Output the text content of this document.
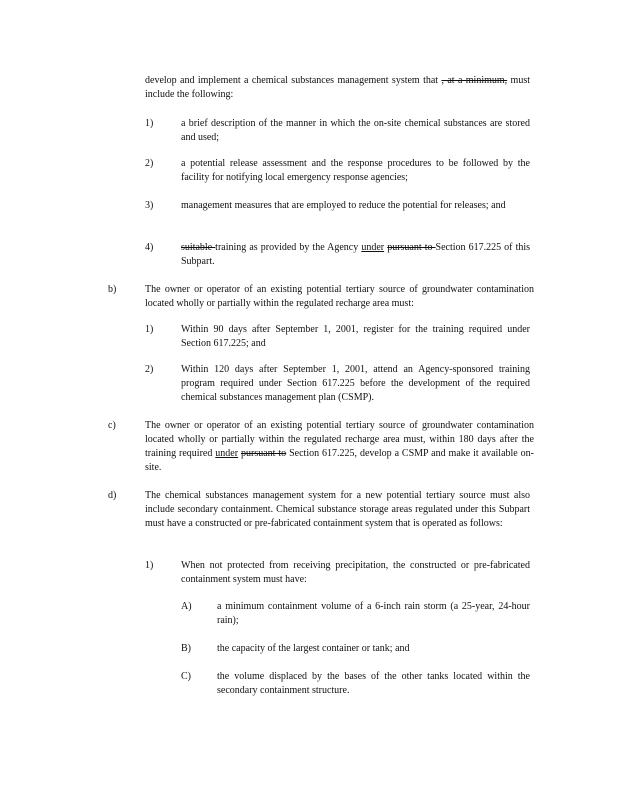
develop and implement a chemical substances management system that , at a minimum, must include the following:
1)	a brief description of the manner in which the on-site chemical substances are stored and used;
2)	a potential release assessment and the response procedures to be followed by the facility for notifying local emergency response agencies;
3)	management measures that are employed to reduce the potential for releases; and
4)	suitable training as provided by the Agency under pursuant to Section 617.225 of this Subpart.
b)	The owner or operator of an existing potential tertiary source of groundwater contamination located wholly or partially within the regulated recharge area must:
1)	Within 90 days after September 1, 2001, register for the training required under Section 617.225; and
2)	Within 120 days after September 1, 2001, attend an Agency-sponsored training program required under Section 617.225 before the development of the required chemical substances management plan (CSMP).
c)	The owner or operator of an existing potential tertiary source of groundwater contamination located wholly or partially within the regulated recharge area must, within 180 days after the training required under pursuant to Section 617.225, develop a CSMP and make it available on-site.
d)	The chemical substances management system for a new potential tertiary source must also include secondary containment. Chemical substance storage areas regulated under this Subpart must have a constructed or pre-fabricated containment system that is operated as follows:
1)	When not protected from receiving precipitation, the constructed or pre-fabricated containment system must have:
A)	a minimum containment volume of a 6-inch rain storm (a 25-year, 24-hour rain);
B)	the capacity of the largest container or tank; and
C)	the volume displaced by the bases of the other tanks located within the secondary containment structure.
